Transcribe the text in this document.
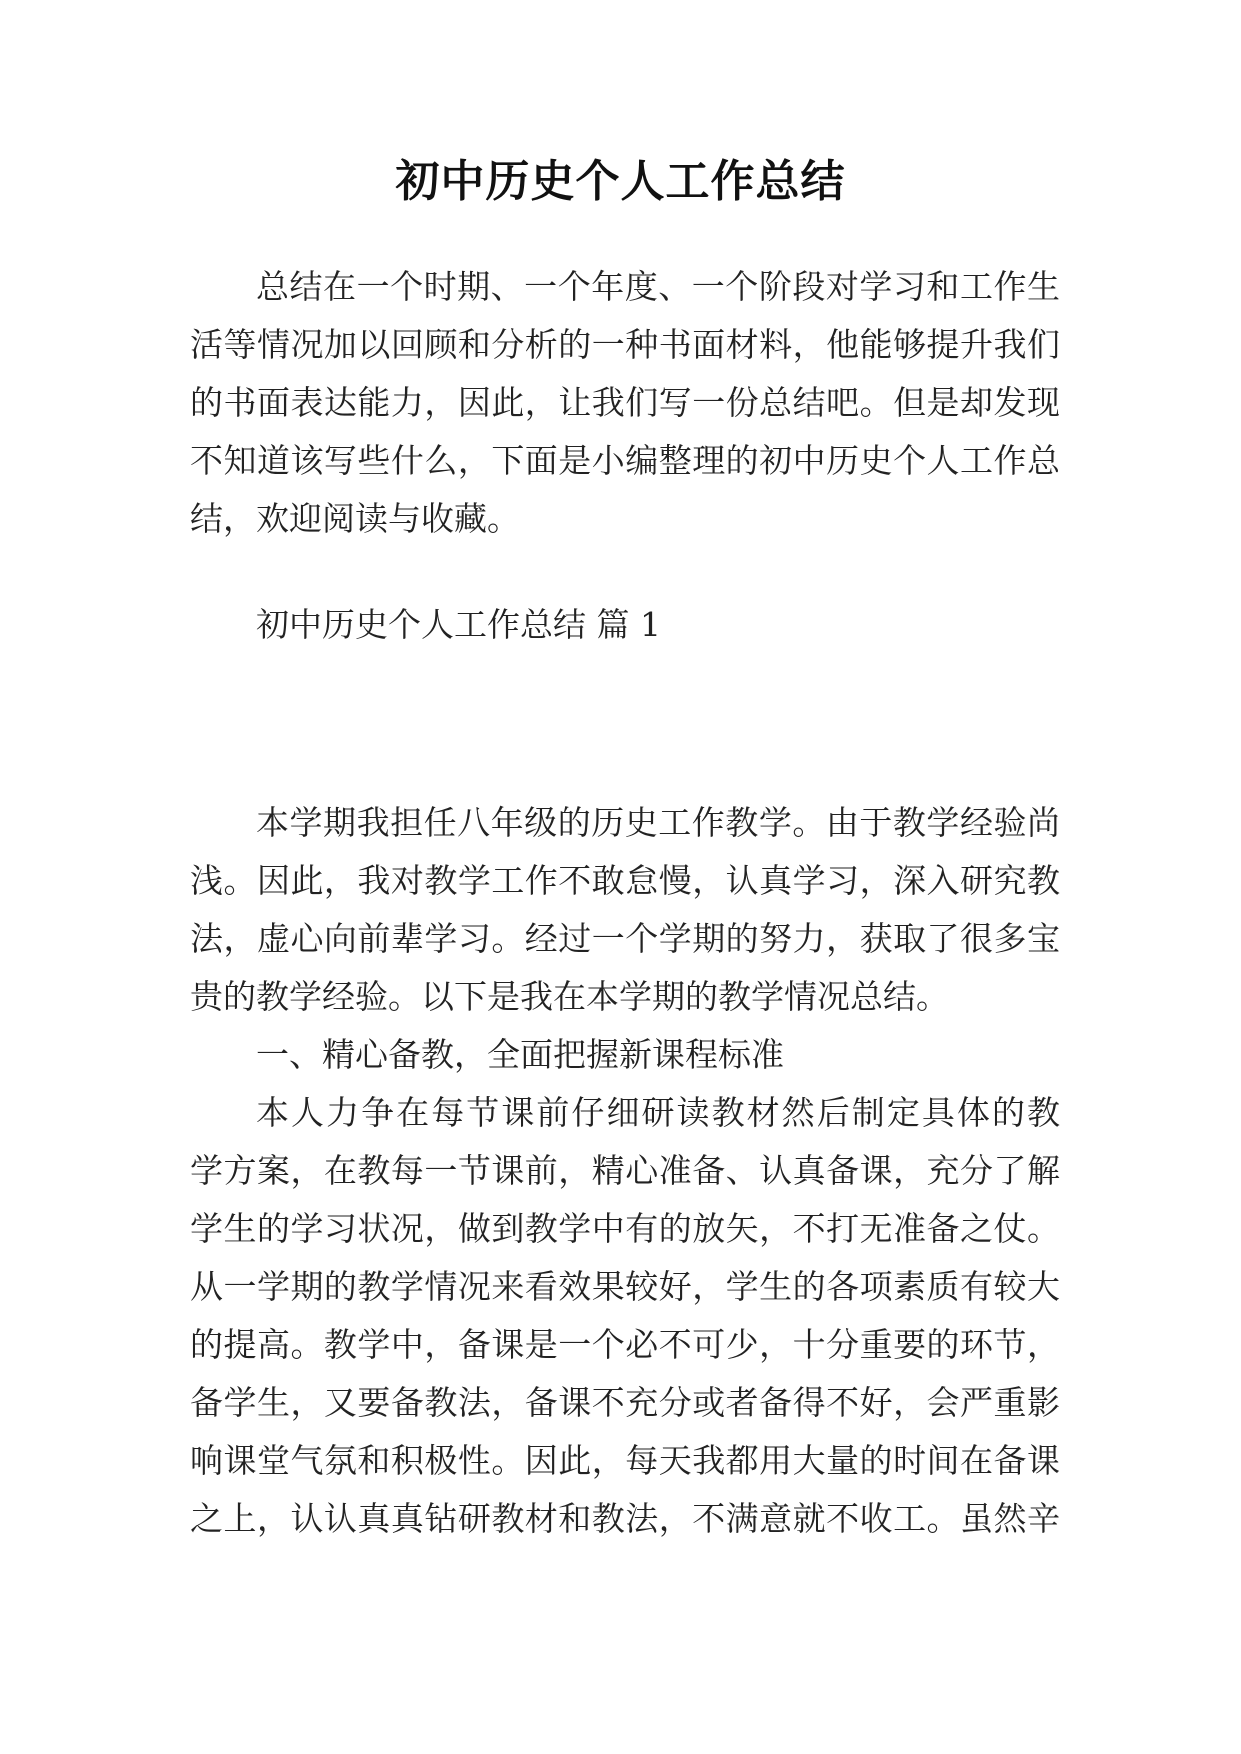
初中历史个人工作总结
总结在一个时期、一个年度、一个阶段对学习和工作生
活等情况加以回顾和分析的一种书面材料，他能够提升我们
的书面表达能力，因此，让我们写一份总结吧。但是却发现
不知道该写些什么，下面是小编整理的初中历史个人工作总
结，欢迎阅读与收藏。
初中历史个人工作总结 篇 1
本学期我担任八年级的历史工作教学。由于教学经验尚
浅。因此，我对教学工作不敢怠慢，认真学习，深入研究教
法，虚心向前辈学习。经过一个学期的努力，获取了很多宝
贵的教学经验。以下是我在本学期的教学情况总结。
一、精心备教，全面把握新课程标准
本人力争在每节课前仔细研读教材然后制定具体的教
学方案，在教每一节课前，精心准备、认真备课，充分了解
学生的学习状况，做到教学中有的放矢，不打无准备之仗。
从一学期的教学情况来看效果较好，学生的各项素质有较大
的提高。教学中，备课是一个必不可少，十分重要的环节，
备学生，又要备教法，备课不充分或者备得不好，会严重影
响课堂气氛和积极性。因此，每天我都用大量的时间在备课
之上，认认真真钻研教材和教法，不满意就不收工。虽然辛
